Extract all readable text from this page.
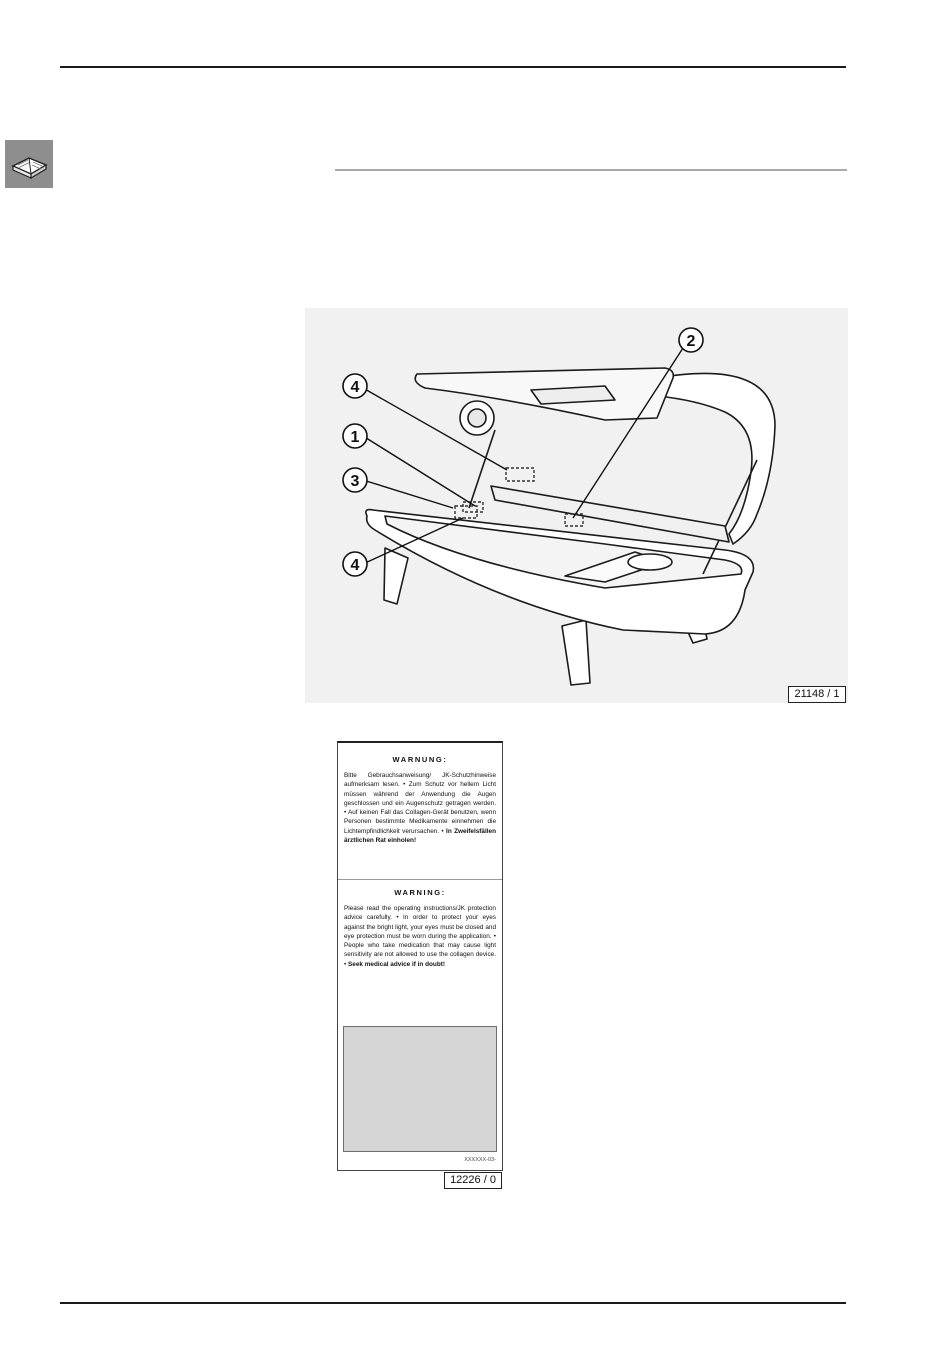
4
1
3
4
2
21148 / 1
WARNUNG:
Bitte Gebrauchsanweisung/ JK-Schutzhinweise aufmerksam lesen. • Zum Schutz vor hellem Licht müssen während der Anwendung die Augen geschlossen und ein Augenschutz getragen werden. • Auf keinen Fall das Collagen-Gerät benutzen, wenn Personen bestimmte Medikamente einnehmen die Lichtempfindlichkeit verursachen. • In Zweifelsfällen ärztlichen Rat einholen!
WARNING:
Please read the operating instructions/JK protection advice carefully. • In order to protect your eyes against the bright light, your eyes must be closed and eye protection must be worn during the application. • People who take medication that may cause light sensitivity are not allowed to use the collagen device. • Seek medical advice if in doubt!
XXXXXX-03-
12226 / 0
